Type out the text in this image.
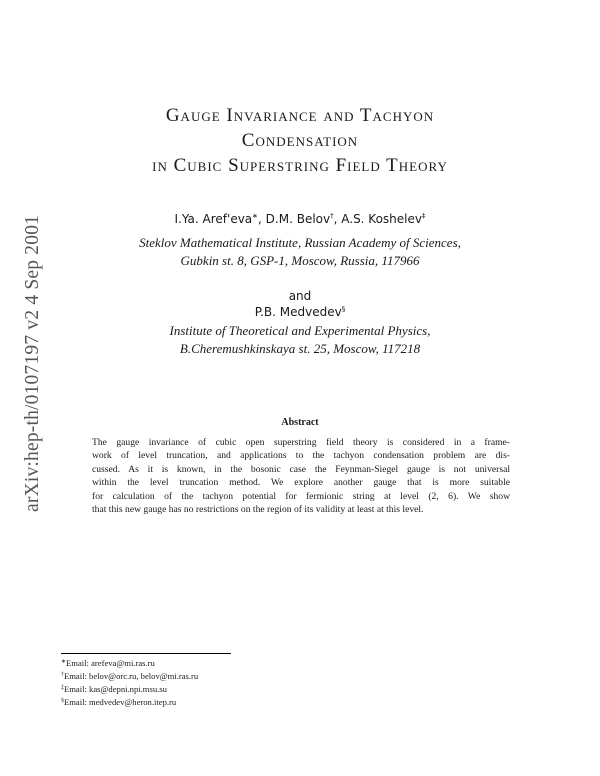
arXiv:hep-th/0107197 v2 4 Sep 2001
Gauge Invariance and Tachyon
Condensation
in Cubic Superstring Field Theory
I.Ya. Aref'eva∗, D.M. Belov†, A.S. Koshelev‡
Steklov Mathematical Institute, Russian Academy of Sciences,
Gubkin st. 8, GSP-1, Moscow, Russia, 117966
and
P.B. Medvedev§
Institute of Theoretical and Experimental Physics,
B.Cheremushkinskaya st. 25, Moscow, 117218
Abstract
The gauge invariance of cubic open superstring field theory is considered in a frame-
work of level truncation, and applications to the tachyon condensation problem are dis-
cussed. As it is known, in the bosonic case the Feynman-Siegel gauge is not universal
within the level truncation method. We explore another gauge that is more suitable
for calculation of the tachyon potential for fermionic string at level (2, 6). We show
that this new gauge has no restrictions on the region of its validity at least at this level.
∗Email: arefeva@mi.ras.ru
†Email: belov@orc.ru, belov@mi.ras.ru
‡Email: kas@depni.npi.msu.su
§Email: medvedev@heron.itep.ru
